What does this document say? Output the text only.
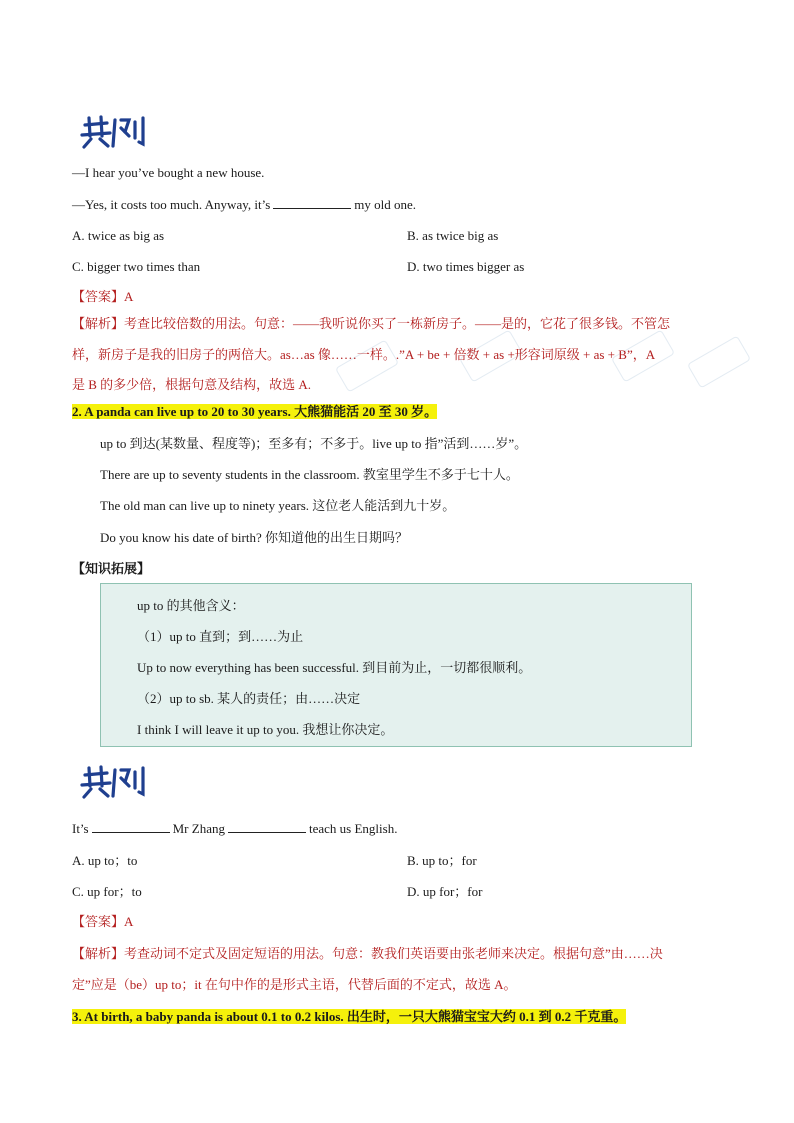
—I hear you’ve bought a new house.
—Yes, it costs too much. Anyway, it’s	my old one.
A. twice as big as	B. as twice big as
C. bigger two times than	D. two times bigger as
【答案】A
【解析】考查比较倍数的用法。句意：——我听说你买了一栋新房子。——是的，它花了很多钱。不管怎
样，新房子是我的旧房子的两倍大。as…as 像……一样。.”A + be + 倍数 + as +形容词原级 + as + B”，A
是 B 的多少倍，根据句意及结构，故选 A.
2. A panda can live up to 20 to 30 years. 大熊猫能活 20 至 30 岁。
up to 到达(某数量、程度等)；至多有；不多于。live up to 指”活到……岁”。
There are up to seventy students in the classroom. 教室里学生不多于七十人。
The old man can live up to ninety years. 这位老人能活到九十岁。
Do you know his date of birth? 你知道他的出生日期吗？
【知识拓展】
up to 的其他含义：
（1）up to 直到；到……为止
Up to now everything has been successful. 到目前为止，一切都很顺利。
（2）up to sb. 某人的责任；由……决定
I think I will leave it up to you. 我想让你决定。
It’s	Mr Zhang	teach us English.
A. up to；to	B. up to；for
C. up for；to	D. up for；for
【答案】A
【解析】考查动词不定式及固定短语的用法。句意：教我们英语要由张老师来决定。根据句意”由……决
定”应是（be）up to；it 在句中作的是形式主语，代替后面的不定式，故选 A。
3. At birth, a baby panda is about 0.1 to 0.2 kilos. 出生时，一只大熊猫宝宝大约 0.1 到 0.2 千克重。
